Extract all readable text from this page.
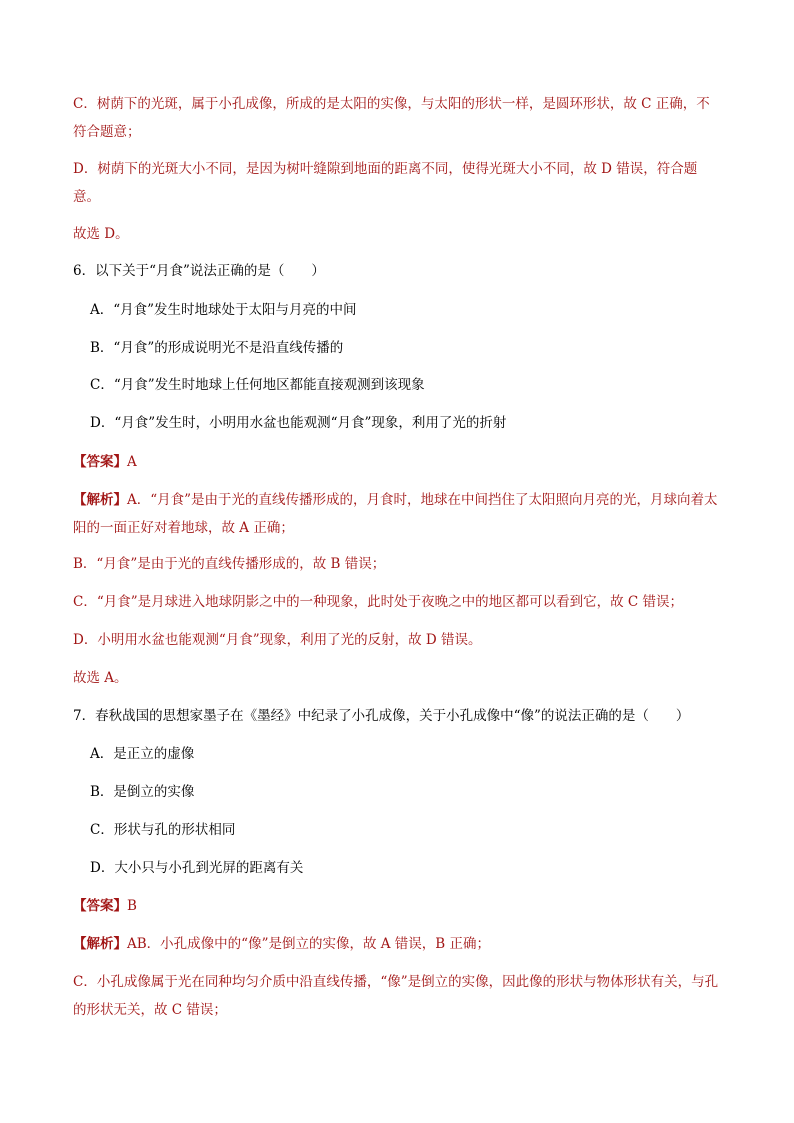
C．树荫下的光斑，属于小孔成像，所成的是太阳的实像，与太阳的形状一样，是圆环形状，故 C 正确，不符合题意；

D．树荫下的光斑大小不同，是因为树叶缝隙到地面的距离不同，使得光斑大小不同，故 D 错误，符合题意。

故选 D。

6．以下关于“月食”说法正确的是（　　）

A．“月食”发生时地球处于太阳与月亮的中间

B．“月食”的形成说明光不是沿直线传播的

C．“月食”发生时地球上任何地区都能直接观测到该现象

D．“月食”发生时，小明用水盆也能观测“月食”现象，利用了光的折射

【答案】A

【解析】A．“月食”是由于光的直线传播形成的，月食时，地球在中间挡住了太阳照向月亮的光，月球向着太阳的一面正好对着地球，故 A 正确；

B．“月食”是由于光的直线传播形成的，故 B 错误；

C．“月食”是月球进入地球阴影之中的一种现象，此时处于夜晚之中的地区都可以看到它，故 C 错误；

D．小明用水盆也能观测“月食”现象，利用了光的反射，故 D 错误。

故选 A。

7．春秋战国的思想家墨子在《墨经》中纪录了小孔成像，关于小孔成像中“像”的说法正确的是（　　）

A．是正立的虚像

B．是倒立的实像

C．形状与孔的形状相同

D．大小只与小孔到光屏的距离有关

【答案】B

【解析】AB．小孔成像中的“像”是倒立的实像，故 A 错误，B 正确；

C．小孔成像属于光在同种均匀介质中沿直线传播，“像”是倒立的实像，因此像的形状与物体形状有关，与孔的形状无关，故 C 错误；
